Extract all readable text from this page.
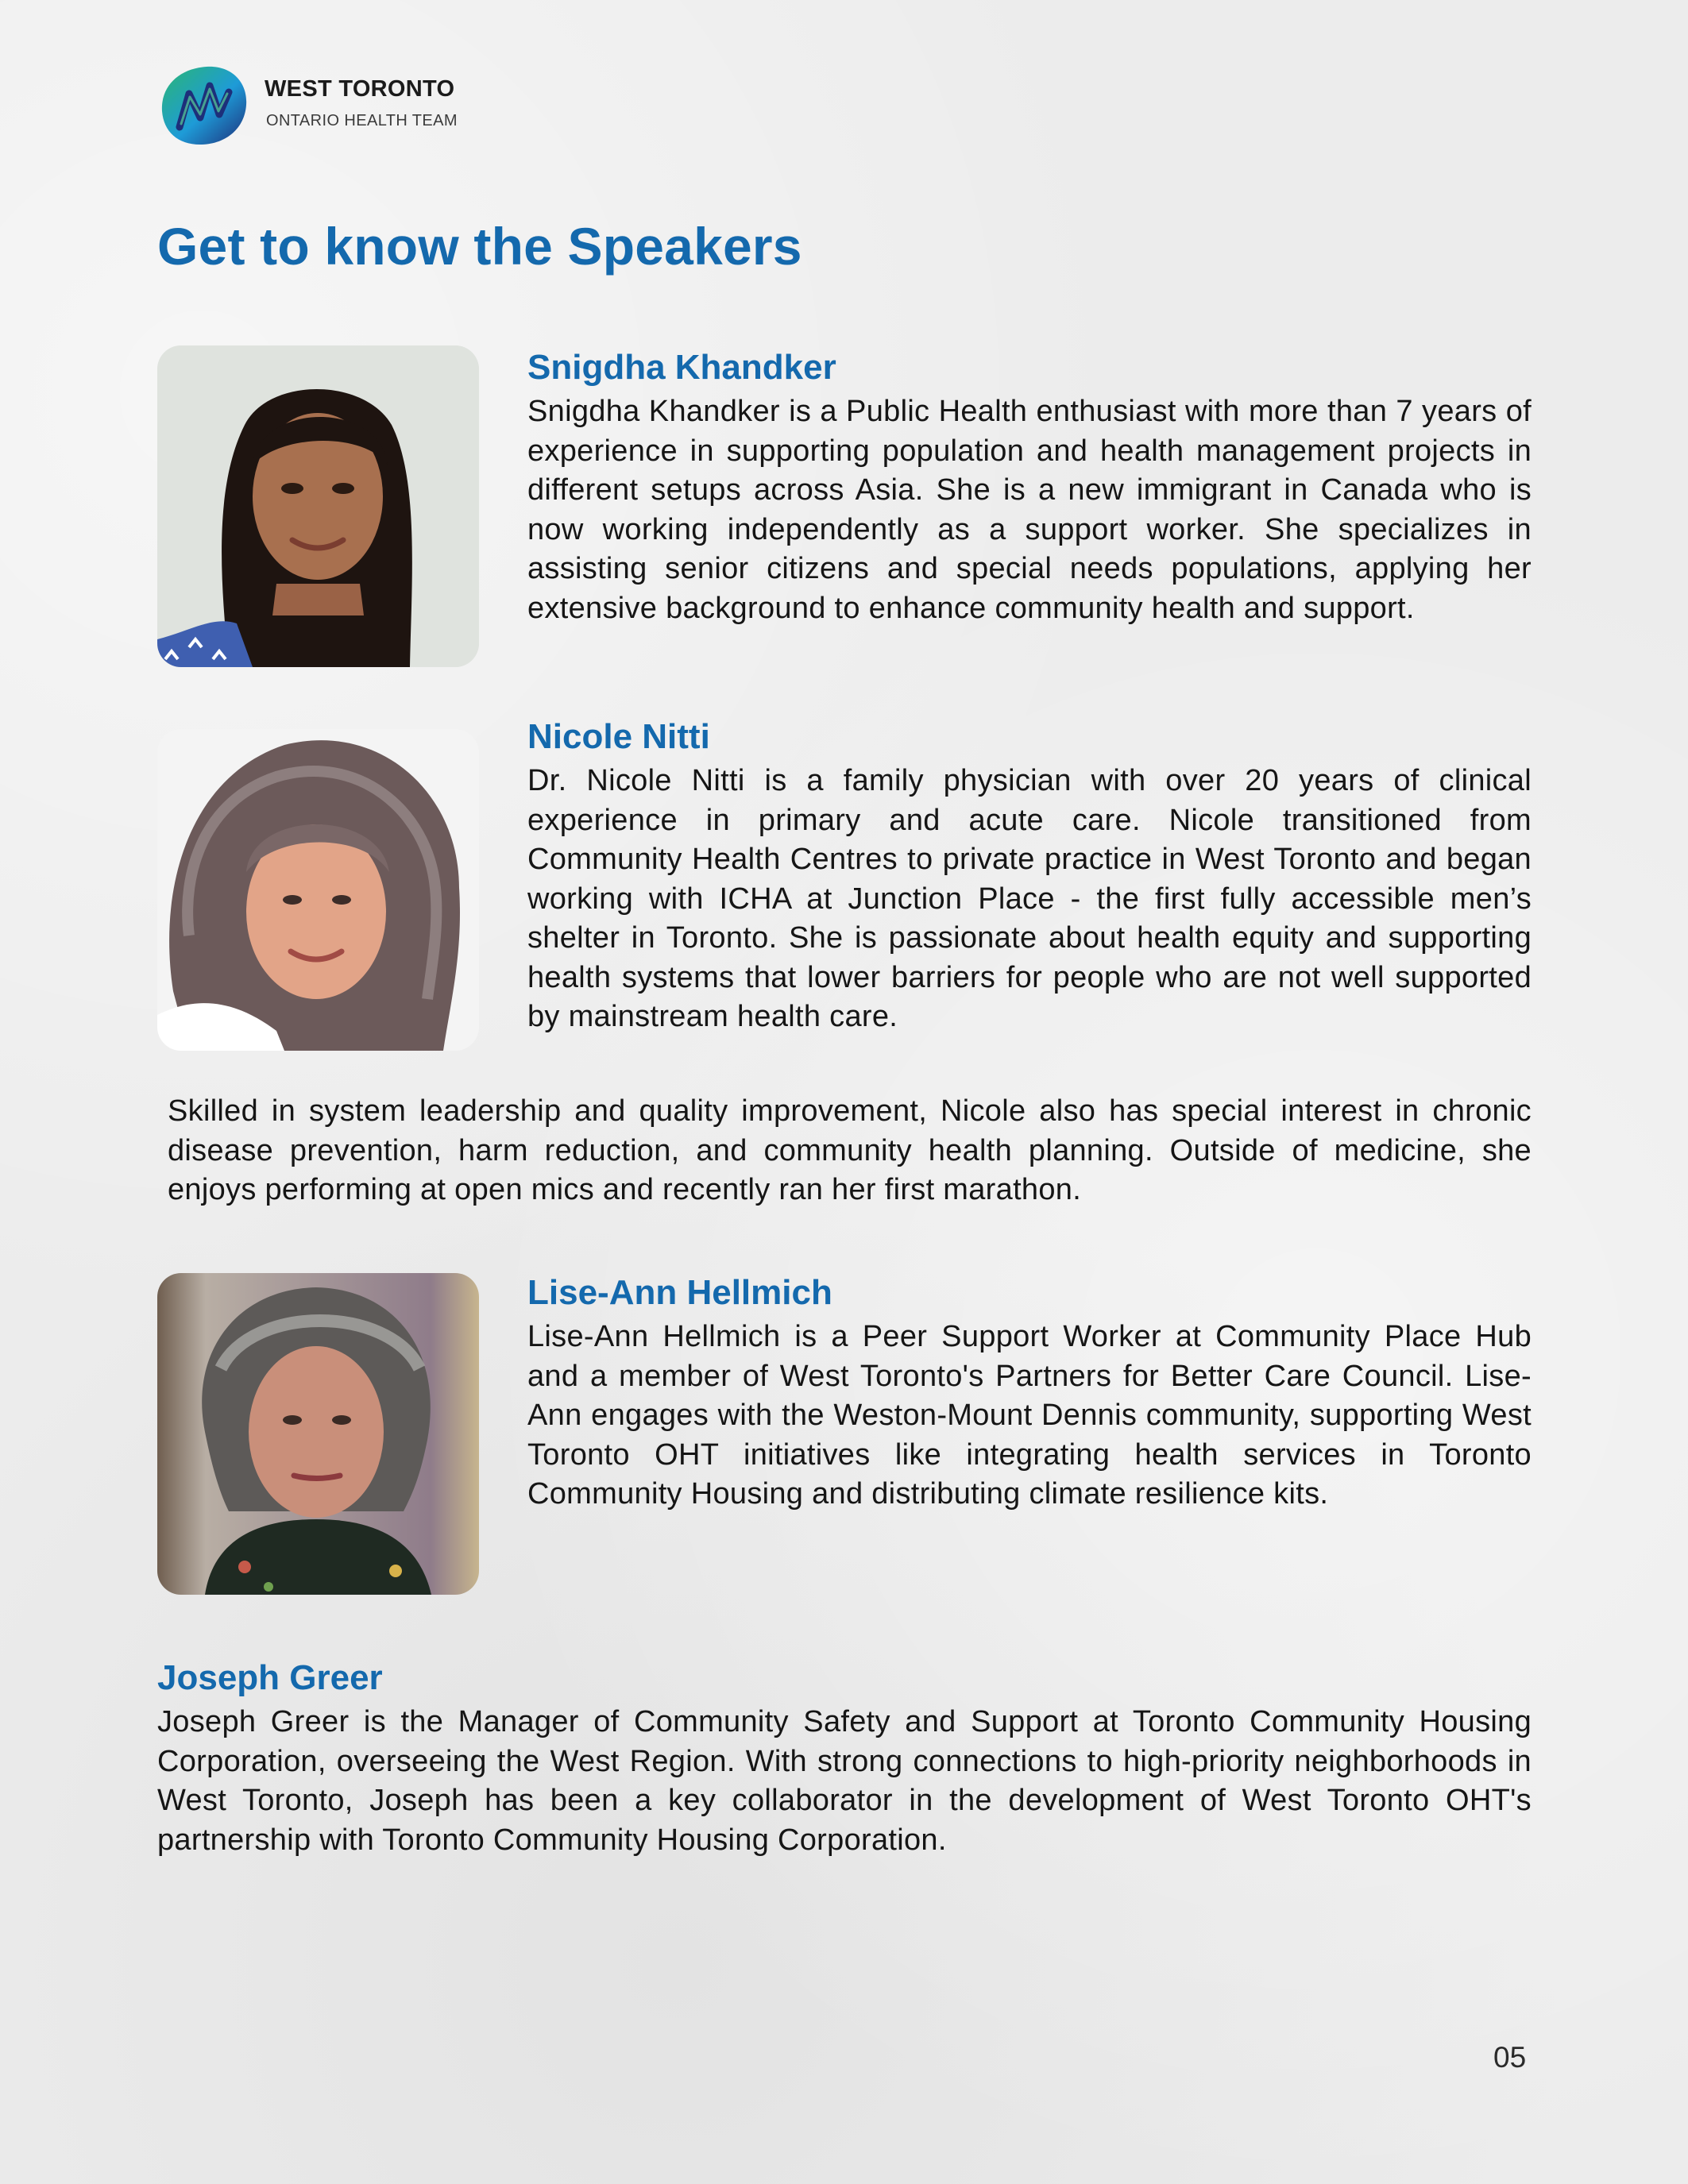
WEST TORONTO
ONTARIO HEALTH TEAM
Get to know the Speakers
Snigdha Khandker

Snigdha Khandker is a Public Health enthusiast with more than 7 years of experience in supporting population and health management projects in different setups across Asia. She is a new immigrant in Canada who is now working independently as a support worker. She specializes in assisting senior citizens and special needs populations, applying her extensive background to enhance community health and support.

Nicole Nitti

Dr. Nicole Nitti is a family physician with over 20 years of clinical experience in primary and acute care. Nicole transitioned from Community Health Centres to private practice in West Toronto and began working with ICHA at Junction Place - the first fully accessible men’s shelter in Toronto. She is passionate about health equity and supporting health systems that lower barriers for people who are not well supported by mainstream health care.

Skilled in system leadership and quality improvement, Nicole also has special interest in chronic disease prevention, harm reduction, and community health planning. Outside of medicine, she enjoys performing at open mics and recently ran her first marathon.

Lise-Ann Hellmich

Lise-Ann Hellmich is a Peer Support Worker at Community Place Hub and a member of West Toronto's Partners for Better Care Council. Lise-Ann engages with the Weston-Mount Dennis community, supporting West Toronto OHT initiatives like integrating health services in Toronto Community Housing and distributing climate resilience kits.

Joseph Greer

Joseph Greer is the Manager of Community Safety and Support at Toronto Community Housing Corporation, overseeing the West Region. With strong connections to high-priority neighborhoods in West Toronto, Joseph has been a key collaborator in the development of West Toronto OHT's partnership with Toronto Community Housing Corporation.

05
